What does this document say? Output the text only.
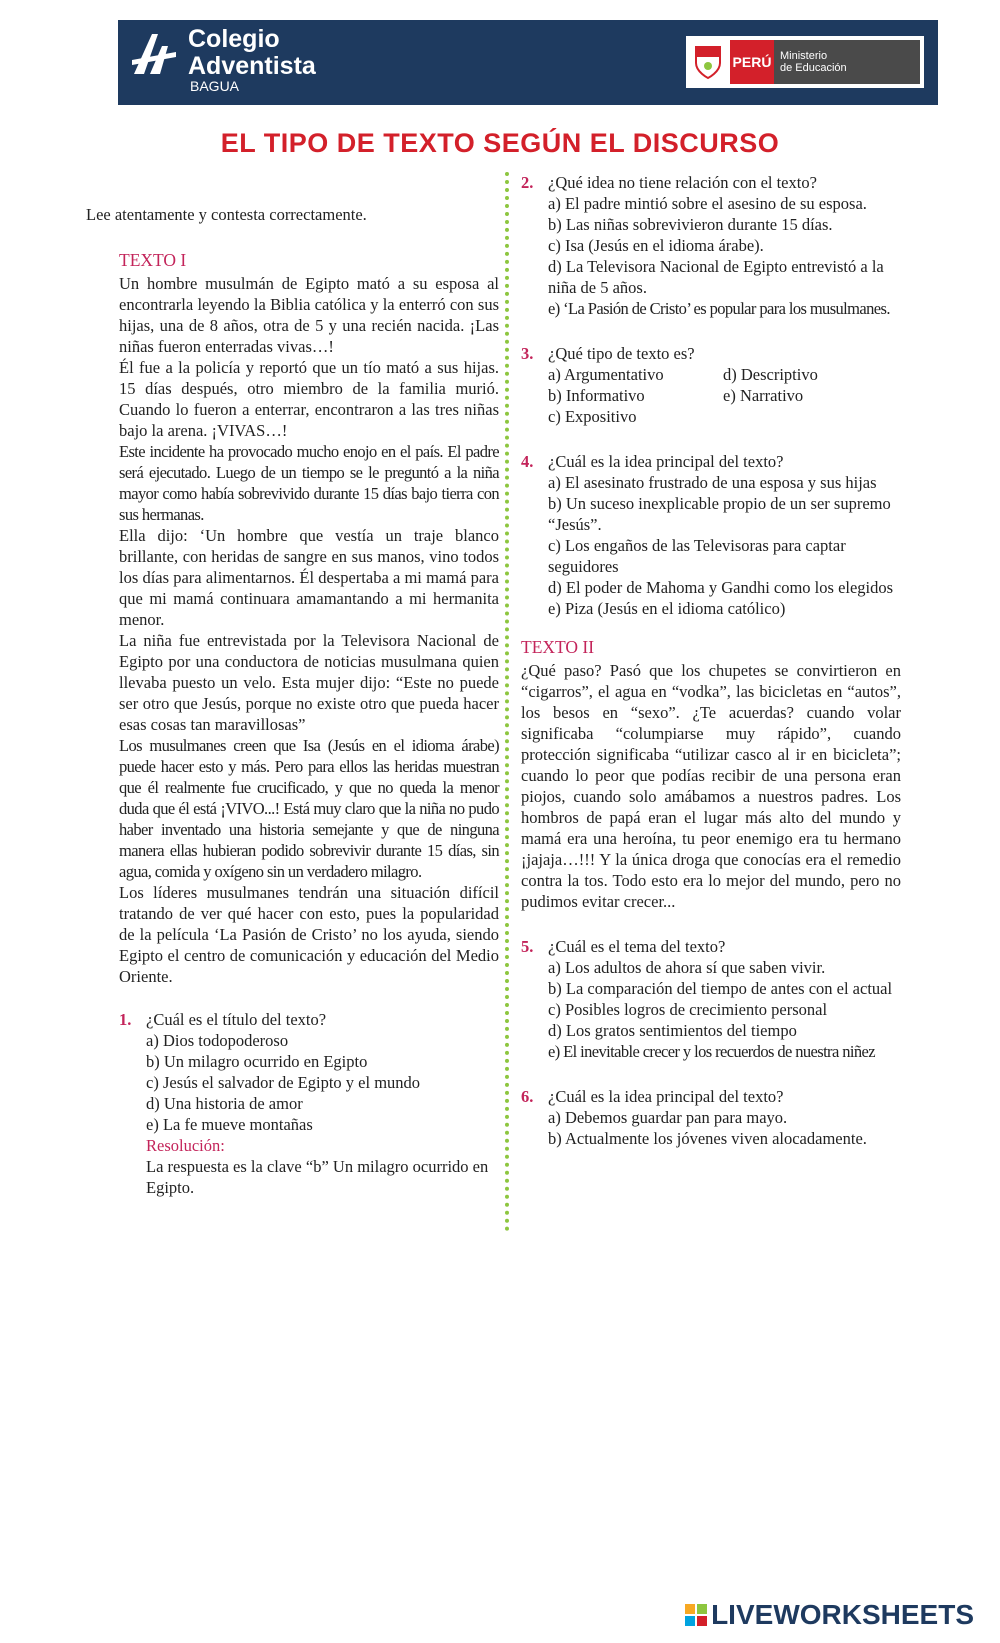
Colegio
Adventista
BAGUA
PERÚ Ministerio
de Educación
EL TIPO DE TEXTO SEGÚN EL DISCURSO
Lee atentamente y contesta correctamente.
TEXTO I

Un hombre musulmán de Egipto mató a su esposa al encontrarla leyendo la Biblia católica y la enterró con sus hijas, una de 8 años, otra de 5 y una recién nacida. ¡Las niñas fueron enterradas vivas…!

Él fue a la policía y reportó que un tío mató a sus hijas. 15 días después, otro miembro de la familia murió. Cuando lo fueron a enterrar, encontraron a las tres niñas bajo la arena. ¡VIVAS…!

Este incidente ha provocado mucho enojo en el país. El padre será ejecutado. Luego de un tiempo se le preguntó a la niña mayor como había sobrevivido durante 15 días bajo tierra con sus hermanas.

Ella dijo: ‘Un hombre que vestía un traje blanco brillante, con heridas de sangre en sus manos, vino todos los días para alimentarnos. Él despertaba a mi mamá para que mi mamá continuara amamantando a mi hermanita menor.

La niña fue entrevistada por la Televisora Nacional de Egipto por una conductora de noticias musulmana quien llevaba puesto un velo. Esta mujer dijo: “Este no puede ser otro que Jesús, porque no existe otro que pueda hacer esas cosas tan maravillosas”

Los musulmanes creen que Isa (Jesús en el idioma árabe) puede hacer esto y más. Pero para ellos las heridas muestran que él realmente fue crucificado, y que no queda la menor duda que él está ¡VIVO...! Está muy claro que la niña no pudo haber inventado una historia semejante y que de ninguna manera ellas hubieran podido sobrevivir durante 15 días, sin agua, comida y oxígeno sin un verdadero milagro.

Los líderes musulmanes tendrán una situación difícil tratando de ver qué hacer con esto, pues la popularidad de la película ‘La Pasión de Cristo’ no los ayuda, siendo Egipto el centro de comunicación y educación del Medio Oriente.

1. ¿Cuál es el título del texto?
a) Dios todopoderoso
b) Un milagro ocurrido en Egipto
c) Jesús el salvador de Egipto y el mundo
d) Una historia de amor
e) La fe mueve montañas
Resolución:
La respuesta es la clave “b” Un milagro ocurrido en Egipto.
2. ¿Qué idea no tiene relación con el texto?
a) El padre mintió sobre el asesino de su esposa.
b) Las niñas sobrevivieron durante 15 días.
c) Isa (Jesús en el idioma árabe).
d) La Televisora Nacional de Egipto entrevistó a la niña de 5 años.
e) ‘La Pasión de Cristo’ es popular para los musulmanes.
3. ¿Qué tipo de texto es?
a) Argumentativo	d) Descriptivo
b) Informativo	e) Narrativo
c) Expositivo
4. ¿Cuál es la idea principal del texto?
a) El asesinato frustrado de una esposa y sus hijas
b) Un suceso inexplicable propio de un ser supremo “Jesús”.
c) Los engaños de las Televisoras para captar seguidores
d) El poder de Mahoma y Gandhi como los elegidos
e) Piza (Jesús en el idioma católico)
TEXTO II

¿Qué paso? Pasó que los chupetes se convirtieron en “cigarros”, el agua en “vodka”, las bicicletas en “autos”, los besos en “sexo”. ¿Te acuerdas? cuando volar significaba “columpiarse muy rápido”, cuando protección significaba “utilizar casco al ir en bicicleta”; cuando lo peor que podías recibir de una persona eran piojos, cuando solo amábamos a nuestros padres. Los hombros de papá eran el lugar más alto del mundo y mamá era una heroína, tu peor enemigo era tu hermano ¡jajaja…!!! Y la única droga que conocías era el remedio contra la tos. Todo esto era lo mejor del mundo, pero no pudimos evitar crecer...

5. ¿Cuál es el tema del texto?
a) Los adultos de ahora sí que saben vivir.
b) La comparación del tiempo de antes con el actual
c) Posibles logros de crecimiento personal
d) Los gratos sentimientos del tiempo
e) El inevitable crecer y los recuerdos de nuestra niñez
6. ¿Cuál es la idea principal del texto?
a) Debemos guardar pan para mayo.
b) Actualmente los jóvenes viven alocadamente.
LIVEWORKSHEETS
